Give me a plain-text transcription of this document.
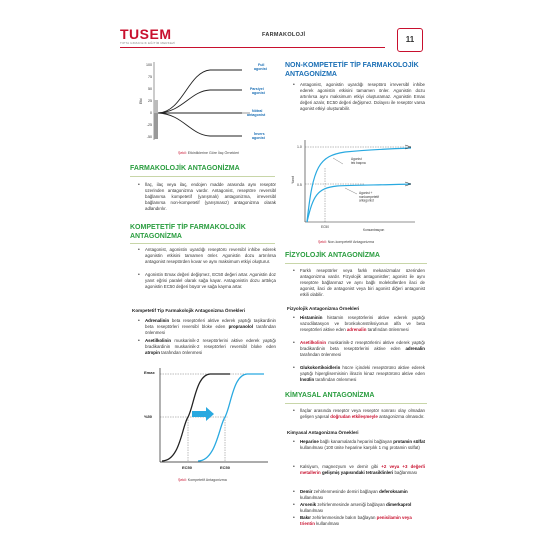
TUSEM
TIPTA UZMANLIK EĞİTİM MERKEZİ
FARMAKOLOJİ	11
100
75
50
25
0
-25
-50
Etki
Full agonist
Parsiyel agonist
Nötral antagonist
İnvers agonist
Şekil: Etkinliklerine Göre İlaç Örnekleri
FARMAKOLOJİK ANTAGONİZMA
• İlaç, ilaç veya ilaç, endojen madde arasında aynı reseptör üzerinden antagonizma vardır. Antagonist, reseptöre reversibl bağlanırsa kompetetif (yarışmalı) antagonizma, irreversibl bağlanırsa non-kompetetif (yarışmasız) antagonizma olarak adlandırılır.
KOMPETETİF TİP FARMAKOLOJİK
ANTAGONİZMA
• Antagonist, agonistin uyardığı reseptörü reversibl inhibe ederek agonistin etkisini tamamen önler. Agonistin dozu artırılırsa antagonist reseptörden kovar ve aynı maksimum etkiyi oluşturur.
• Agonistin Emax değeri değişmez, EC50 değeri artar. Agonistin doz yanıt eğrisi paralel olarak sağa kayar. Antagonistin dozu arttıkça agonistin EC50 değeri büyür ve sağa kayma artar.
Kompetetif Tip Farmakolojik Antagonizma Örnekleri
• Adrenalinin beta reseptörleri aktive ederek yaptığı taşikardinin beta reseptörleri reversibl bloke eden propranolol tarafından önlenmesi
• Asetilkolinin muskarinik-2 reseptörlerini aktive ederek yaptığı bradikardinin muskarinik-2 reseptörleri reversibl bloke eden atropin tarafından önlenmesi
Emax
%50
EC50	EC50
Şekil: Kompetetif Antagonizma
NON-KOMPETETİF TİP FARMAKOLOJİK
ANTAGONİZMA
• Antagonist, agonistin uyardığı reseptörü irreversibl inhibe ederek agonistin etkisini tamamen önler. Agonistin dozu artırılırsa aynı maksimum etkiyi oluşturamaz. Agonistin Emax değeri azalır, EC50 değeri değişmez. Dolayısı ile reseptör varsa agonist etkiyi oluşturabilir.
Yanıt
1.0
0.5
Agonist tek başına
Agonist + nonkompetetif antagonist
EC50
Konsantrasyon
Şekil: Non-kompetetif Antagonizma
FİZYOLOJİK ANTAGONİZMA
• Farklı reseptörler veya farklı mekanizmalar üzerinden antagonizma vardır. Fizyolojik antagonistler; agonist ile aynı reseptöre bağlanmaz ve aynı bağlı moleküllerden ilaci de agonist, ilaci de antagonist veya biri agonist diğeri antagonist etkili olabilir.
Fizyolojik Antagonizma Örnekleri
• Histaminin histamin reseptörlerini aktive ederek yaptığı vazodilatasyon ve bronkokonstriksiyonun alfa ve beta reseptörleri aktive eden adrenalin tarafından önlenmesi
• Asetilkolinin muskarinik-2 reseptörlerini aktive ederek yaptığı bradikardinin beta reseptörlerini aktive eden adrenalin tarafından önlenmesi
• Glukokortikoidlerin hücre içindeki reseptörünü aktive ederek yaptığı hiperglisemisinin ilirazin kinaz reseptörünü aktive eden İnsülin tarafından önlenmesi
KİMYASAL ANTAGONİZMA
• İlaçlar arasında reseptör veya reseptör sonrası olay olmadan gelişen yapısal doğrudan etkileşmeyle antagonizma olmasıdır.
Kimyasal Antagonizma Örnekleri
• Heparine bağlı kanamalarda heparini bağlayan protamin sülfat kullanılması (100 ünite heparine karşılık 1 mg protamin sülfat)
• Kalsiyum, magnezyum ve demir gibi +2 veya +3 değerli metallerin gelişmiş yapısındaki tetrasiklinleri bağlanması
• Demir zehirlenmesinde demiri bağlayan deferoksamin kullanılması
• Arsenik zehirlenmesinde arseniği bağlayan dimerkaprol kullanılması
• Bakır zehirlenmesinde bakırı bağlayan penisilamin veya trientin kullanılması
